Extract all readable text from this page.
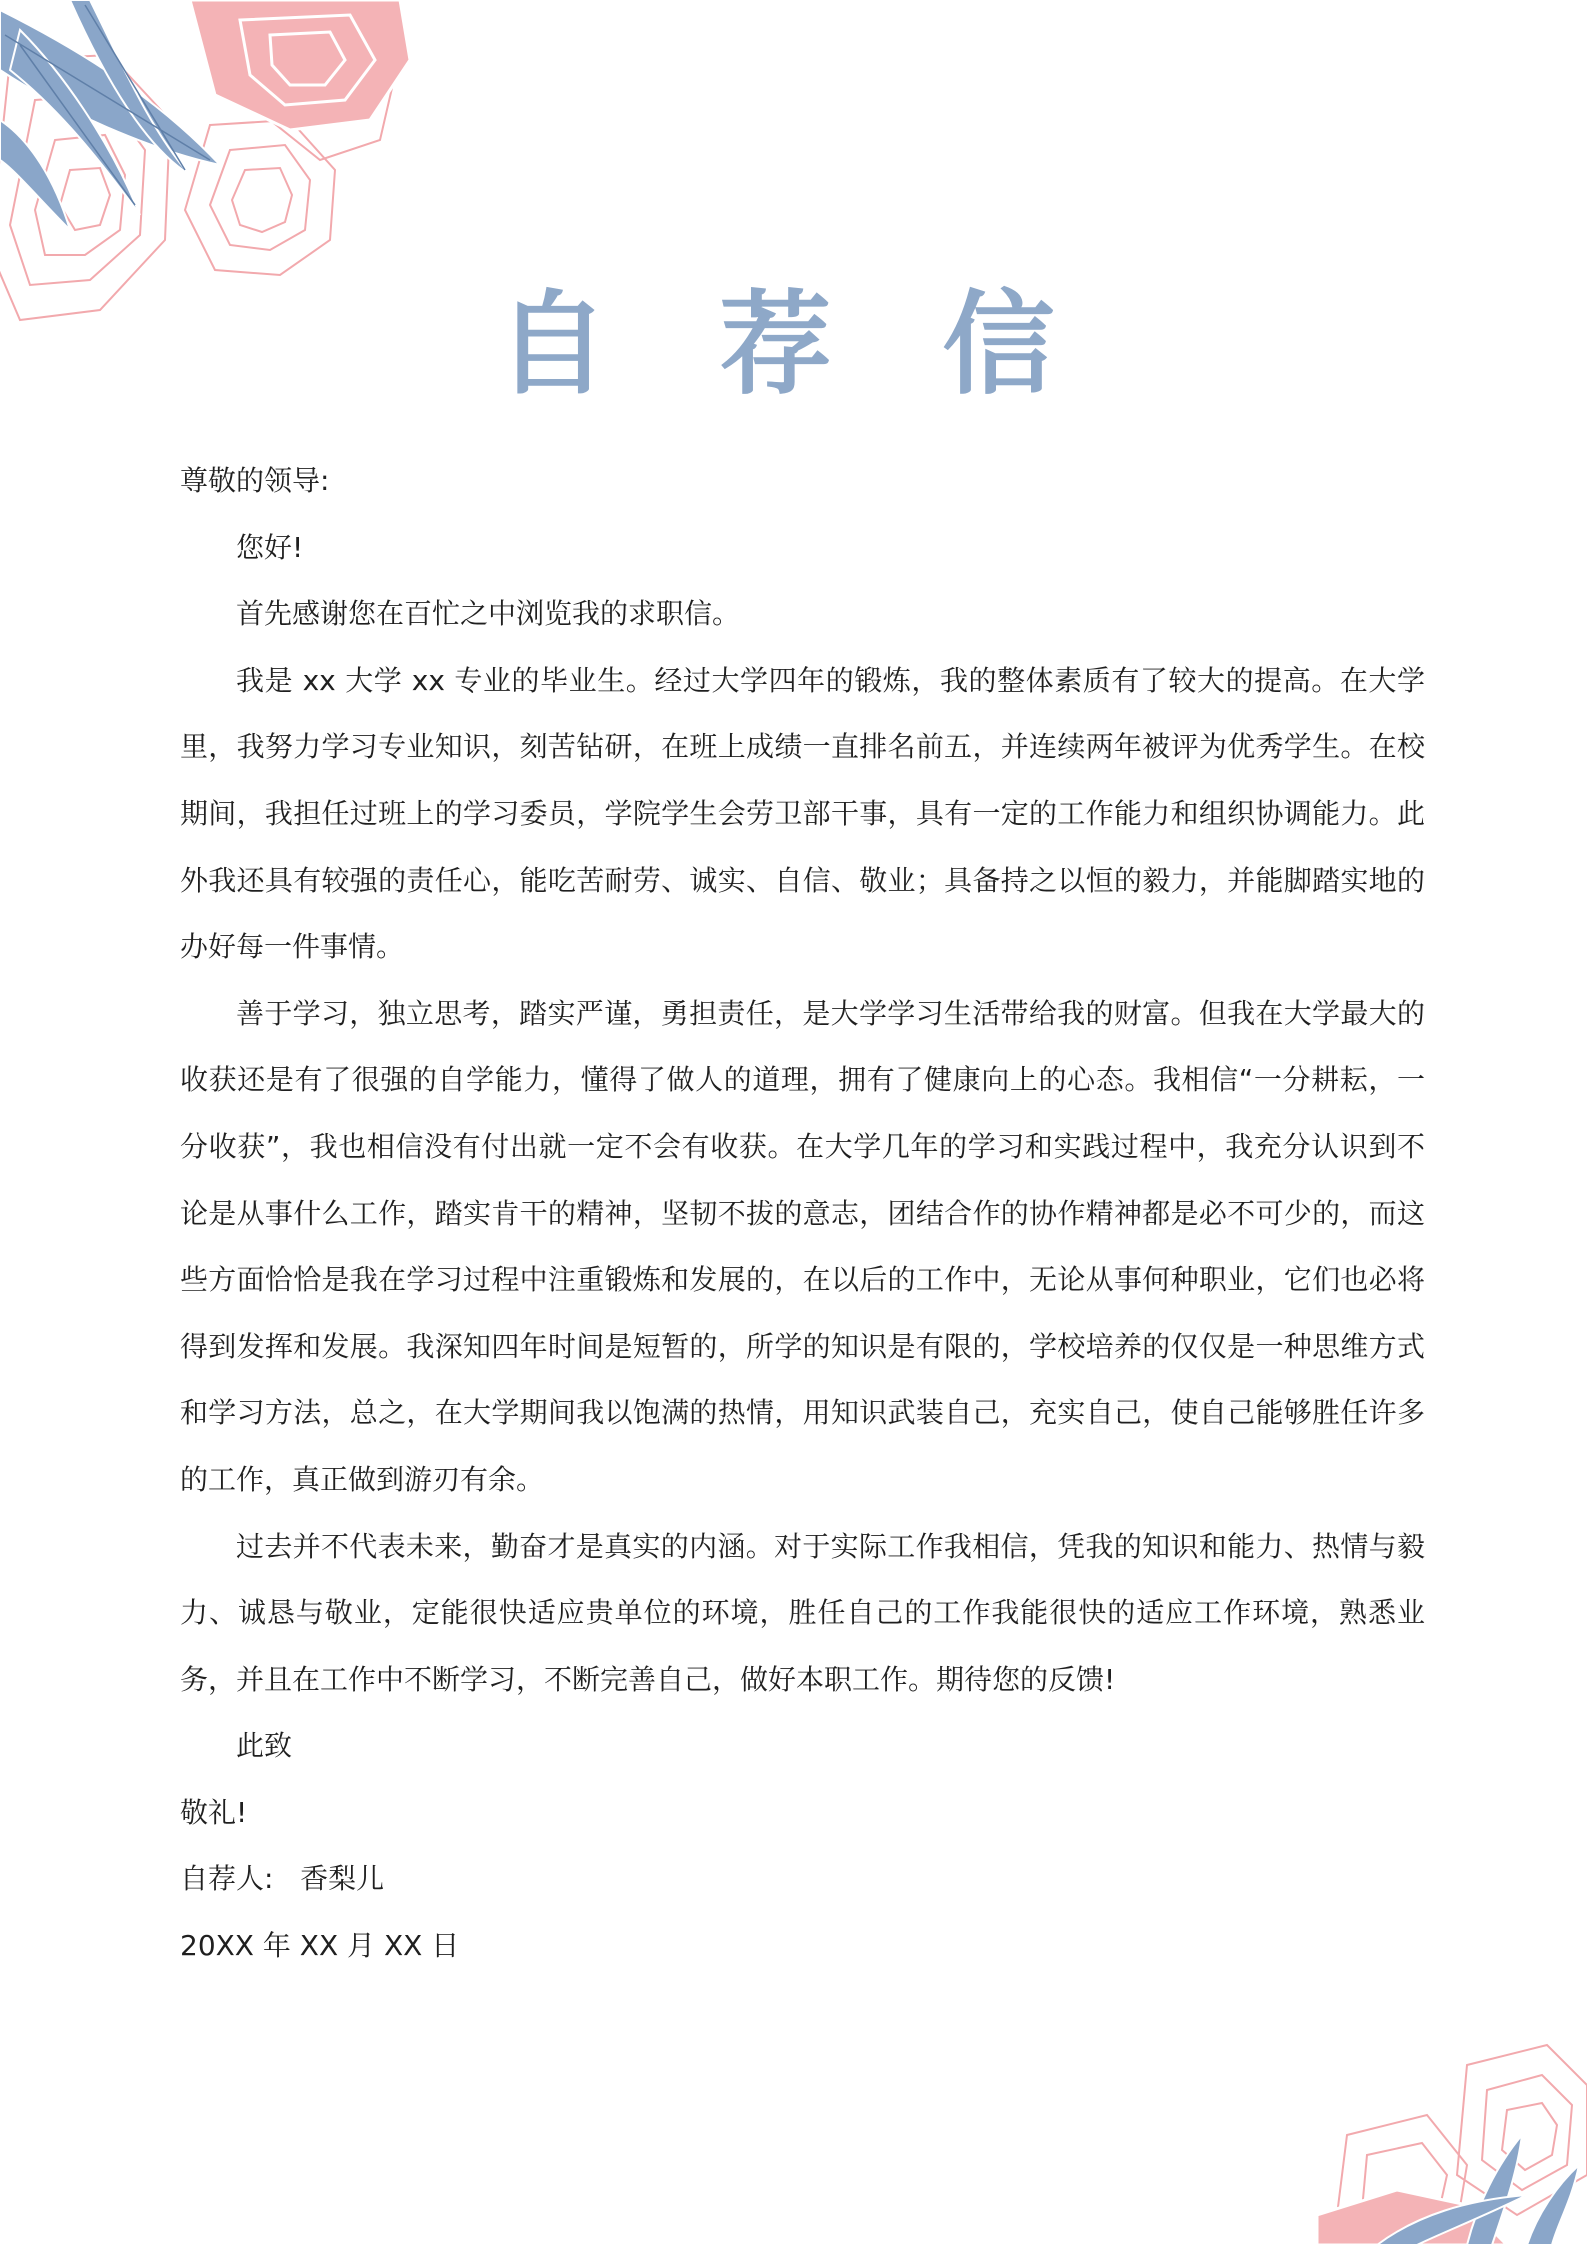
自 荐 信

尊敬的领导:

您好!

首先感谢您在百忙之中浏览我的求职信。

我是 xx 大学 xx 专业的毕业生。经过大学四年的锻炼，我的整体素质有了较大的提高。在大学里，我努力学习专业知识，刻苦钻研，在班上成绩一直排名前五，并连续两年被评为优秀学生。在校期间，我担任过班上的学习委员，学院学生会劳卫部干事，具有一定的工作能力和组织协调能力。此外我还具有较强的责任心，能吃苦耐劳、诚实、自信、敬业；具备持之以恒的毅力，并能脚踏实地的办好每一件事情。

善于学习，独立思考，踏实严谨，勇担责任，是大学学习生活带给我的财富。但我在大学最大的收获还是有了很强的自学能力，懂得了做人的道理，拥有了健康向上的心态。我相信“一分耕耘，一分收获”，我也相信没有付出就一定不会有收获。在大学几年的学习和实践过程中，我充分认识到不论是从事什么工作，踏实肯干的精神，坚韧不拔的意志，团结合作的协作精神都是必不可少的，而这些方面恰恰是我在学习过程中注重锻炼和发展的，在以后的工作中，无论从事何种职业，它们也必将得到发挥和发展。我深知四年时间是短暂的，所学的知识是有限的，学校培养的仅仅是一种思维方式和学习方法，总之，在大学期间我以饱满的热情，用知识武装自己，充实自己，使自己能够胜任许多的工作，真正做到游刃有余。

过去并不代表未来，勤奋才是真实的内涵。对于实际工作我相信，凭我的知识和能力、热情与毅力、诚恳与敬业，定能很快适应贵单位的环境，胜任自己的工作我能很快的适应工作环境，熟悉业务，并且在工作中不断学习，不断完善自己，做好本职工作。期待您的反馈!

此致

敬礼!

自荐人:   香梨儿

20XX 年 XX 月 XX 日
